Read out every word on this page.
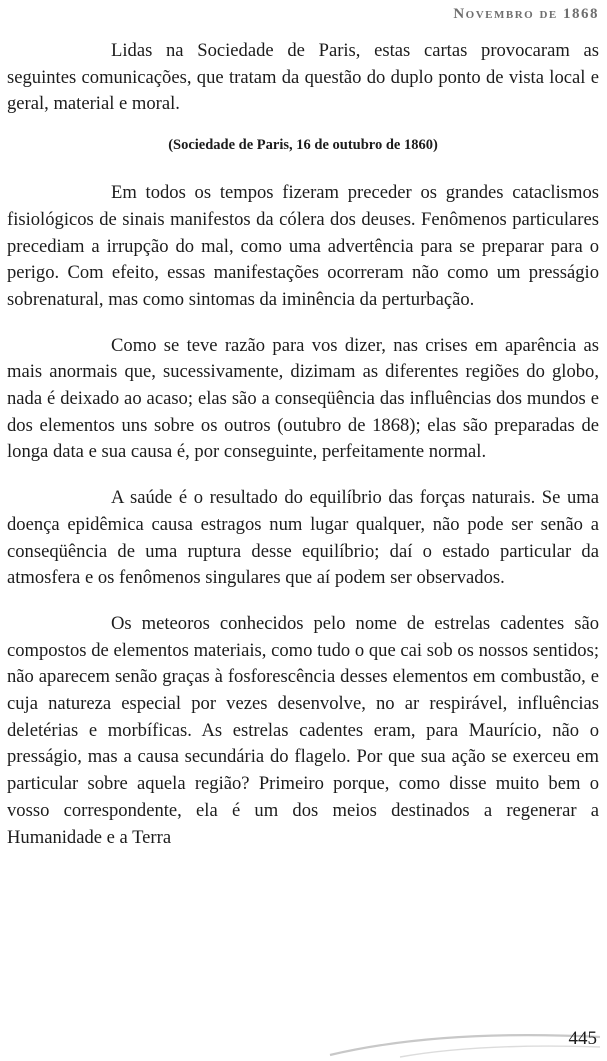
Novembro de 1868

Lidas na Sociedade de Paris, estas cartas provocaram as seguintes comunicações, que tratam da questão do duplo ponto de vista local e geral, material e moral.

(Sociedade de Paris, 16 de outubro de 1860)

Em todos os tempos fizeram preceder os grandes cataclismos fisiológicos de sinais manifestos da cólera dos deuses. Fenômenos particulares precediam a irrupção do mal, como uma advertência para se preparar para o perigo. Com efeito, essas manifestações ocorreram não como um presságio sobrenatural, mas como sintomas da iminência da perturbação.

Como se teve razão para vos dizer, nas crises em aparência as mais anormais que, sucessivamente, dizimam as diferentes regiões do globo, nada é deixado ao acaso; elas são a conseqüência das influências dos mundos e dos elementos uns sobre os outros (outubro de 1868); elas são preparadas de longa data e sua causa é, por conseguinte, perfeitamente normal.

A saúde é o resultado do equilíbrio das forças naturais. Se uma doença epidêmica causa estragos num lugar qualquer, não pode ser senão a conseqüência de uma ruptura desse equilíbrio; daí o estado particular da atmosfera e os fenômenos singulares que aí podem ser observados.

Os meteoros conhecidos pelo nome de estrelas cadentes são compostos de elementos materiais, como tudo o que cai sob os nossos sentidos; não aparecem senão graças à fosforescência desses elementos em combustão, e cuja natureza especial por vezes desenvolve, no ar respirável, influências deletérias e morbíficas. As estrelas cadentes eram, para Maurício, não o presságio, mas a causa secundária do flagelo. Por que sua ação se exerceu em particular sobre aquela região? Primeiro porque, como disse muito bem o vosso correspondente, ela é um dos meios destinados a regenerar a Humanidade e a Terra

445
